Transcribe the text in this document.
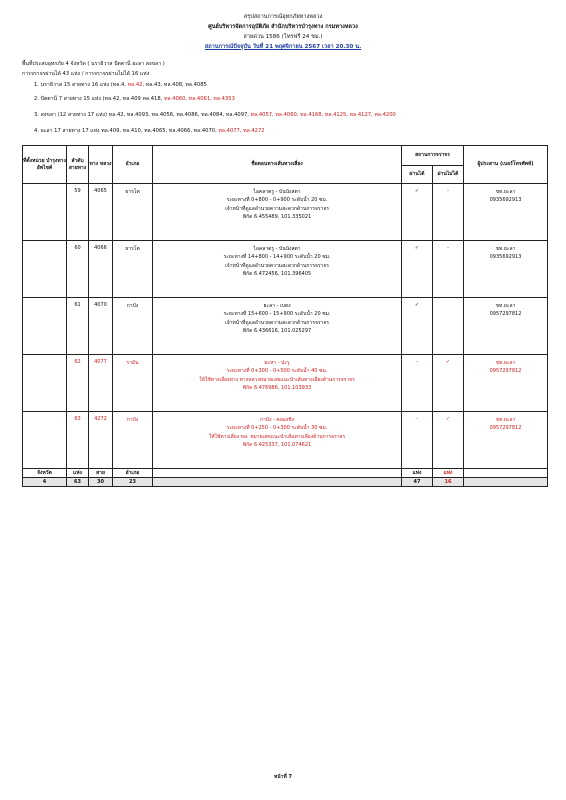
สรุปสถานการณ์อุทกภัยทางหลวง
ศูนย์บริหารจัดการอุบัติภัย สำนักบริหารบำรุงทาง กรมทางหลวง
สายด่วน 1586 (โทรฟรี 24 ชม.)
สถานการณ์ปัจจุบัน วันที่ 21 พฤศจิกายน 2567 เวลา 20.30 น.
พื้นที่ประสบอุทกภัย 4 จังหวัด ( นราธิวาส ปัตตานี ยะลา สงขลา )
การจราจรผ่านได้ 43 แห่ง / การจราจรผ่านไม่ได้ 16 แห่ง
1. นราธิวาส 15 สายทาง 16 แห่ง (ทล.4, ทล.42, ทล.43, ทล.408, ทล.4085
2. ปัตตานี 7 สายทาง 15 แห่ง (ทล.42, ทล.409 ทล.418, ทล.4060, ทล.4061, ทล.4353
3. สงขลา (12 สายทาง 17 แห่ง) ทล.42, ทล.4093, ทล.4056, ทล.4086, ทล.4084, ทล.4097, ทล.4057, ทล.4060, ทล.4168, ทล.4125, ทล.4127, ทล.4200
4. ยะลา 17 สายทาง 17 แห่ง ทล.409, ทล.410, ทล.4065, ทล.4066, ทล.4070, ทล.4077, ทล.4272
ที่ตั้งหน่วย บำรุงทาง อัพไชค์	ลำดับ สายทาง	ทาง หลวง	อำเภอ	ชื่อตอนทางเส้นทางเลี่ยง	สถานการจราจร		ผู้ประสาน (เบอร์โทรศัพท์)
					ผ่านได้	ผ่านไม่ได้	
	59	4065	ธารโต	ไอคลาตรู - บันนังสตา
ระยะทางที่ 0+800 - 0+900 ระดับน้ำ 20 ซม.
เจ้าหน้าที่ดูแลอำนวยความสะดวกด้านการจราจร
พิกัด 6.455489, 101.335021	✓	-	ขท.ยะลา
0935692913

	60	4066	ธารโต	ไอคลาตรู - บันนังสตา
ระยะทางที่ 14+800 - 14+900 ระดับน้ำ 20 ซม.
เจ้าหน้าที่ดูแลอำนวยความสะดวกด้านการจราจร
พิกัด 6.472456, 101.396405	✓	-	ขท.ยะลา
0935692913

	61	4070	กาบัง	ยะลา - เบตง
ระยะทางที่ 15+600 - 15+900 ระดับน้ำ 20 ซม.
เจ้าหน้าที่ดูแลอำนวยความสะดวกด้านการจราจร
พิกัด 6.436616, 101.025297	✓		ขท.ยะลา
0957297812

	62	4077	รามัน	ยะหา - ปะรู
ระยะทางที่ 0+300 - 0+500 ระดับน้ำ 40 ซม.
ให้ใช้ทางเลี่ยงทาง ทางหลวงหมายเลขแนะนำเส้นทางเลี่ยงด้านการจราจร
พิกัด 6.476986, 101.103933	-	✓	ขท.ยะลา
0957297812

	63	4272	กาบัง	กาบัง - คลองชิง
ระยะทางที่ 0+250 - 0+300 ระดับน้ำ 30 ซม.
ให้ใช้ทางเลี่ยง ทล. หมายเลขแนะนำเส้นทางเลี่ยงด้านการจราจร
พิกัด 6.425337, 101.074621	-	✓	ขท.ยะลา
0957297812

จังหวัด	แห่ง	สาย	อำเภอ		แห่ง	แห่ง	
4	63	30	23		47	16	
หน้าที่ 7
